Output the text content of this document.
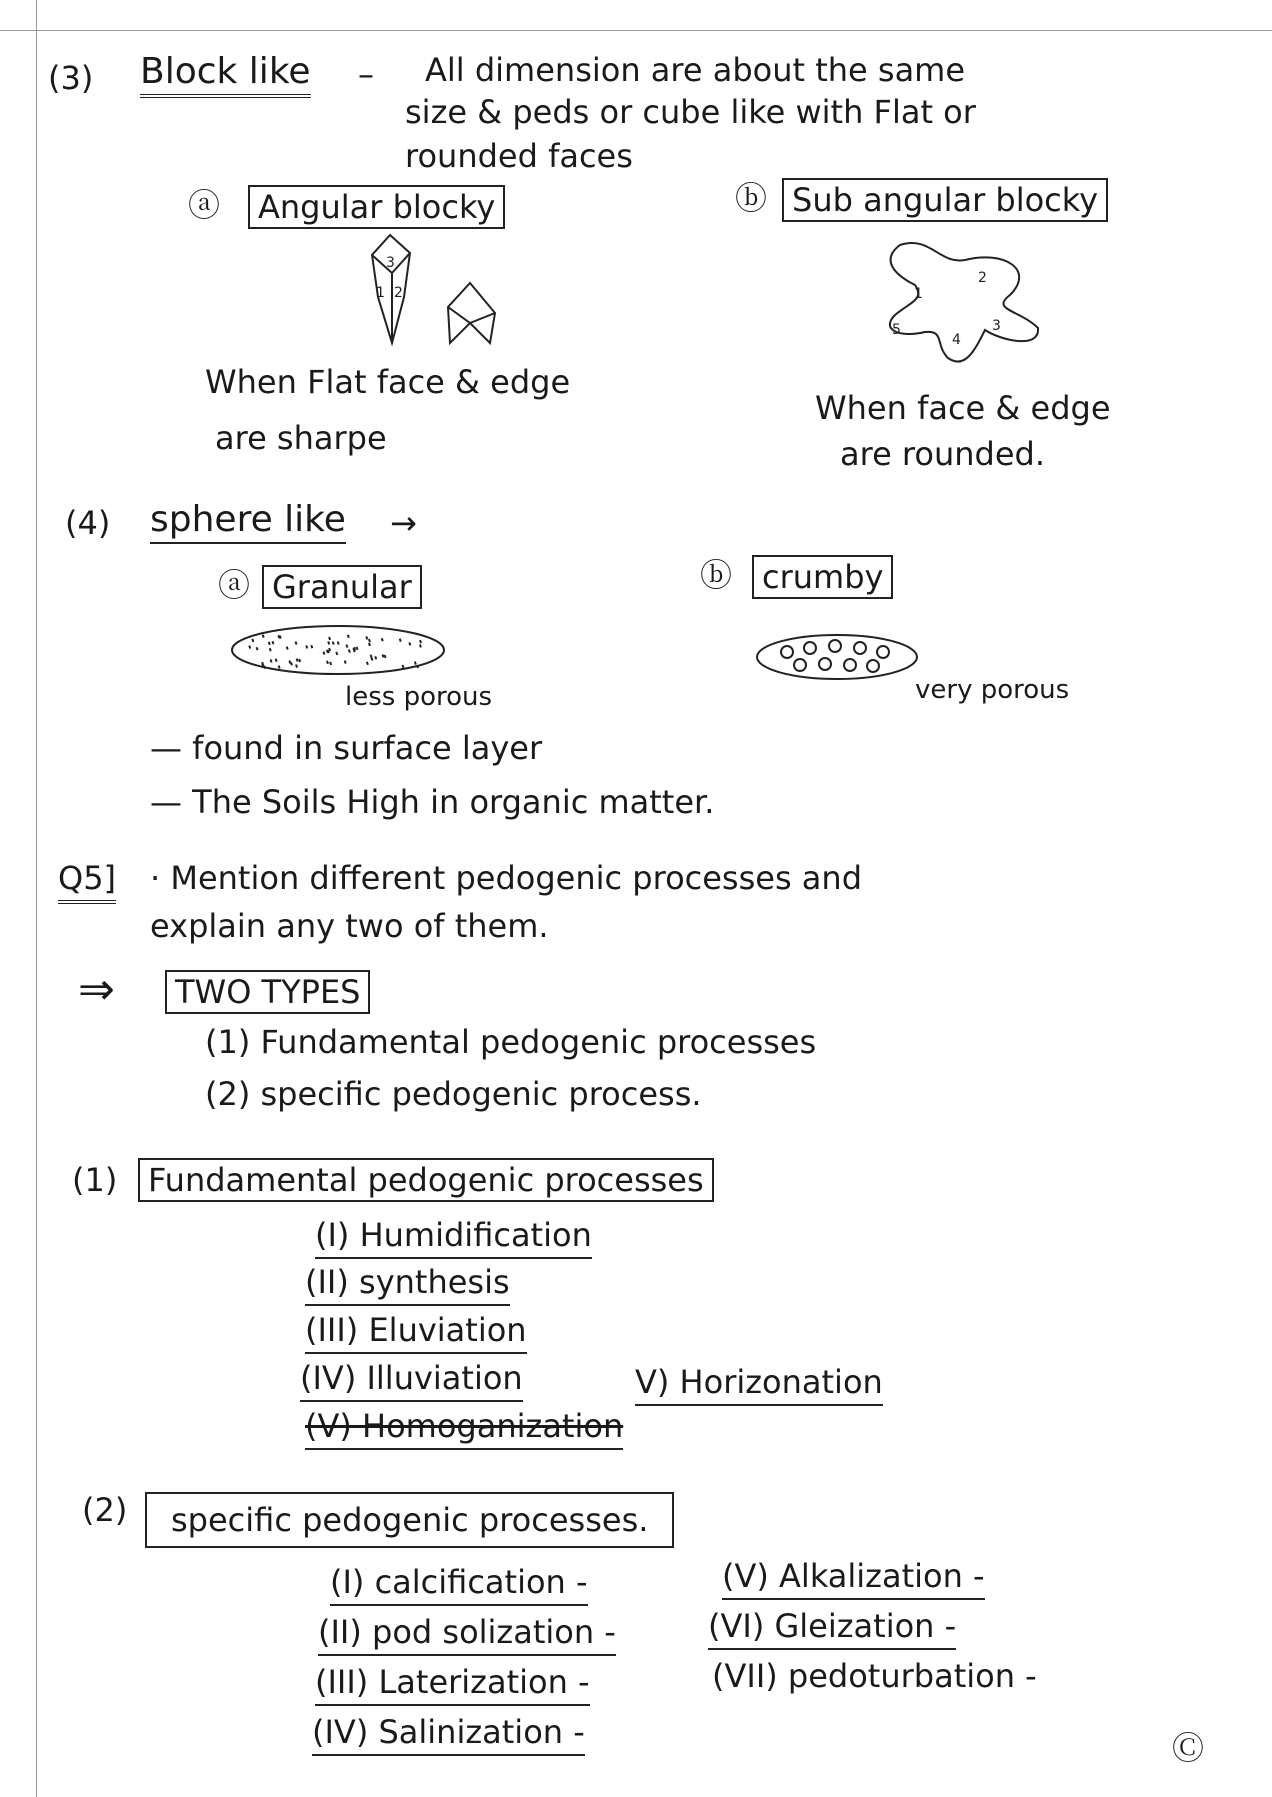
(3) Block like – All dimension are about the same
size & peds or cube like with Flat or
rounded faces
ⓐ	Angular blocky	ⓑ Sub angular blocky
3
1 2
2
1
5
4
3
When Flat face & edge
are sharpe
When face & edge
are rounded.
(4) sphere like →
ⓐ Granular	ⓑ crumby
less porous	very porous
— found in surface layer
— The Soils High in organic matter.
Q5] · Mention different pedogenic processes and
explain any two of them.
⇒	TWO TYPES
(1) Fundamental pedogenic processes
(2) specific pedogenic process.
(1) Fundamental pedogenic processes
(I) Humidification
(II) synthesis
(III) Eluviation
(IV) Illuviation	V) Horizonation
(V) Homoganization
(2)	specific pedogenic processes.
(I) calcification -
(II) pod solization -
(III) Laterization -
(IV) Salinization -
(V) Alkalization -
(VI) Gleization -
(VII) pedoturbation -
Ⓒ
